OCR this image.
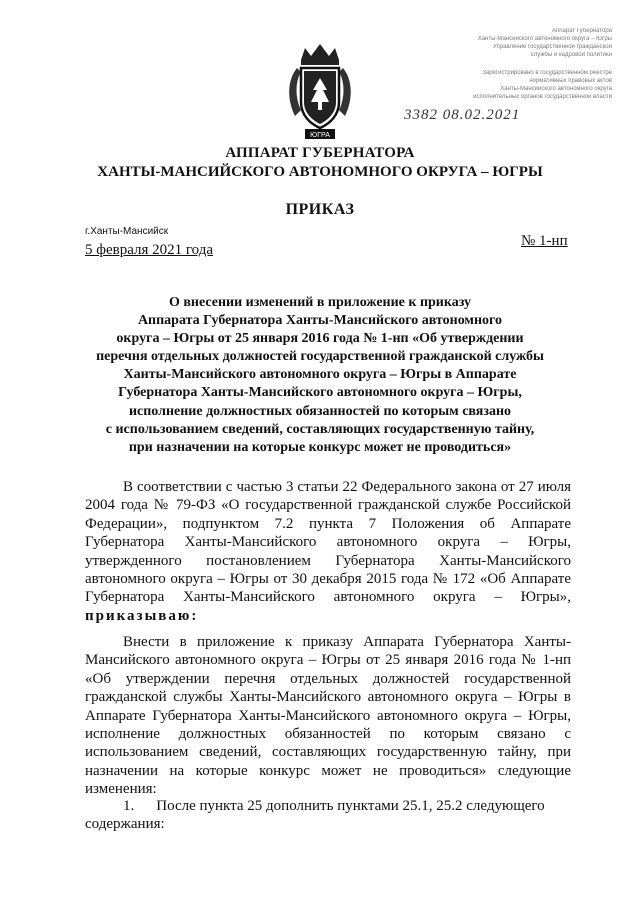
Аппарат Губернатора
Ханты-Мансийского автономного округа – Югры
Управление государственной гражданской
службы и кадровой политики
Зарегистрировано в государственном реестре
нормативных правовых актов
Ханты-Мансийского автономного округа
исполнительных органов государственной власти
3382 08.02.2021
ЮГРА
АППАРАТ ГУБЕРНАТОРА
ХАНТЫ-МАНСИЙСКОГО АВТОНОМНОГО ОКРУГА – ЮГРЫ
ПРИКАЗ
г.Ханты-Мансийск
5 февраля 2021 года
№ 1-нп
О внесении изменений в приложение к приказу
Аппарата Губернатора Ханты-Мансийского автономного
округа – Югры от 25 января 2016 года № 1-нп «Об утверждении
перечня отдельных должностей государственной гражданской службы
Ханты-Мансийского автономного округа – Югры в Аппарате
Губернатора Ханты-Мансийского автономного округа – Югры,
исполнение должностных обязанностей по которым связано
с использованием сведений, составляющих государственную тайну,
при назначении на которые конкурс может не проводиться»
В соответствии с частью 3 статьи 22 Федерального закона от 27 июля 2004 года № 79-ФЗ «О государственной гражданской службе Российской Федерации», подпунктом 7.2 пункта 7 Положения об Аппарате Губернатора Ханты-Мансийского автономного округа – Югры, утвержденного постановлением Губернатора Ханты-Мансийского автономного округа – Югры от 30 декабря 2015 года № 172 «Об Аппарате Губернатора Ханты-Мансийского автономного округа – Югры», приказываю:
Внести в приложение к приказу Аппарата Губернатора Ханты-Мансийского автономного округа – Югры от 25 января 2016 года № 1-нп «Об утверждении перечня отдельных должностей государственной гражданской службы Ханты-Мансийского автономного округа – Югры в Аппарате Губернатора Ханты-Мансийского автономного округа – Югры, исполнение должностных обязанностей по которым связано с использованием сведений, составляющих государственную тайну, при назначении на которые конкурс может не проводиться» следующие изменения:
1. После пункта 25 дополнить пунктами 25.1, 25.2 следующего содержания:
